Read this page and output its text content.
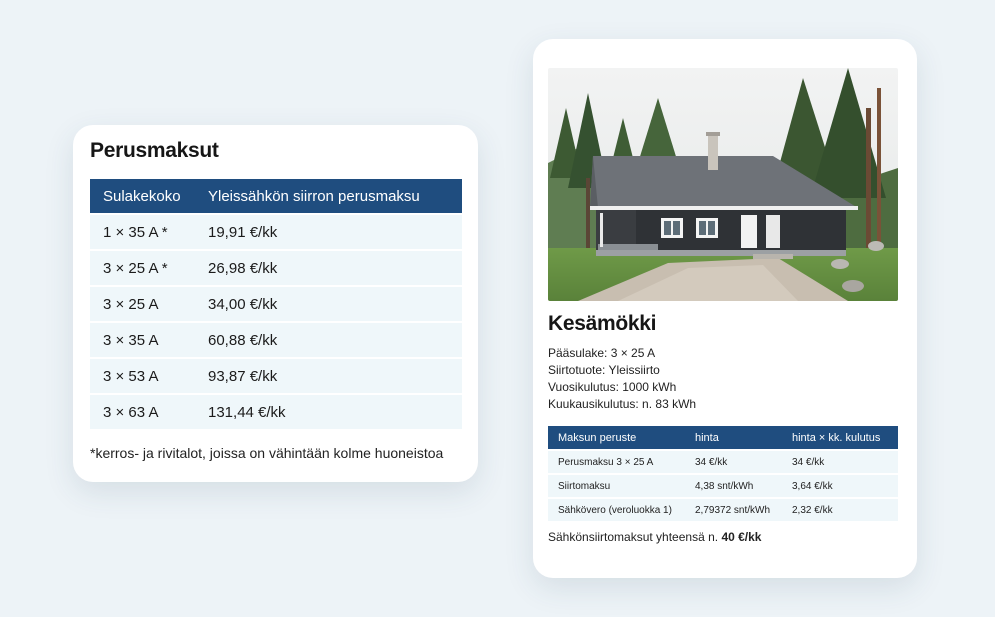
Perusmaksut
Sulakekoko	Yleissähkön siirron perusmaksu
1 × 35 A *	19,91 €/kk
3 × 25 A *	26,98 €/kk
3 × 25 A	34,00 €/kk
3 × 35 A	60,88 €/kk
3 × 53 A	93,87 €/kk
3 × 63 A	131,44 €/kk

*kerros- ja rivitalot, joissa on vähintään kolme huoneistoa

Kesämökki
Pääsulake: 3 × 25 A
Siirtotuote: Yleissiirto
Vuosikulutus: 1000 kWh
Kuukausikulutus: n. 83 kWh
Maksun peruste	hinta	hinta × kk. kulutus
Perusmaksu 3 × 25 A	34 €/kk	34 €/kk
Siirtomaksu	4,38 snt/kWh	3,64 €/kk
Sähkövero (veroluokka 1)	2,79372 snt/kWh	2,32 €/kk

Sähkönsiirtomaksut yhteensä n. 40 €/kk
